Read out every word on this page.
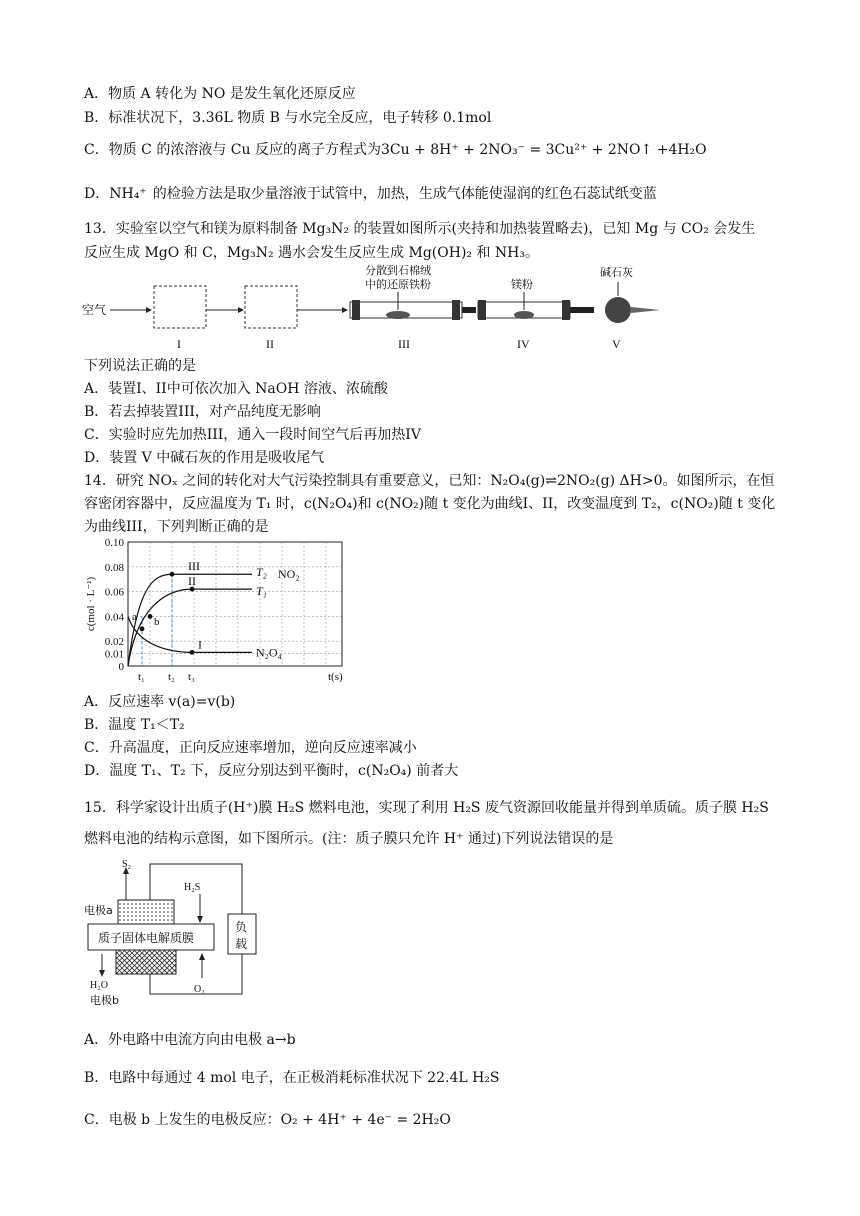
A．物质 A 转化为 NO 是发生氧化还原反应
B．标准状况下，3.36L 物质 B 与水完全反应，电子转移 0.1mol
C．物质 C 的浓溶液与 Cu 反应的离子方程式为3Cu + 8H⁺ + 2NO₃⁻ = 3Cu²⁺ + 2NO↑ +4H₂O
D．NH₄⁺ 的检验方法是取少量溶液于试管中，加热，生成气体能使湿润的红色石蕊试纸变蓝
13．实验室以空气和镁为原料制备 Mg₃N₂ 的装置如图所示(夹持和加热装置略去)，已知 Mg 与 CO₂ 会发生
反应生成 MgO 和 C，Mg₃N₂ 遇水会发生反应生成 Mg(OH)₂ 和 NH₃。
空气
分散到石棉绒
中的还原铁粉	镁粉
碱石灰
I	II	III	IV	V
下列说法正确的是
A．装置I、II中可依次加入 NaOH 溶液、浓硫酸
B．若去掉装置III，对产品纯度无影响
C．实验时应先加热III，通入一段时间空气后再加热IV
D．装置 V 中碱石灰的作用是吸收尾气
14．研究 NOₓ 之间的转化对大气污染控制具有重要意义，已知：N₂O₄(g)⇌2NO₂(g) ΔH>0。如图所示，在恒
容密闭容器中，反应温度为 T₁ 时，c(N₂O₄)和 c(NO₂)随 t 变化为曲线I、II，改变温度到 T₂，c(NO₂)随 t 变化
为曲线III，下列判断正确的是
0.10
0.08
0.06
0.04
0.02
0.01
0
c(mol · L⁻¹)
t₁ t₂ t₃	t(s)
III	T₂ NO₂
II
T₁
I
N₂O₄
a b
A．反应速率 v(a)=v(b)
B．温度 T₁＜T₂
C．升高温度，正向反应速率增加，逆向反应速率减小
D．温度 T₁、T₂ 下，反应分别达到平衡时，c(N₂O₄) 前者大
15．科学家设计出质子(H⁺)膜 H₂S 燃料电池，实现了利用 H₂S 废气资源回收能量并得到单质硫。质子膜 H₂S
燃料电池的结构示意图，如下图所示。(注：质子膜只允许 H⁺ 通过)下列说法错误的是
负
载
质子固体电解质膜
S₂
H₂S
电极a
H₂O
电极b
O₂
A．外电路中电流方向由电极 a→b
B．电路中每通过 4 mol 电子，在正极消耗标准状况下 22.4L H₂S
C．电极 b 上发生的电极反应：O₂ + 4H⁺ + 4e⁻ = 2H₂O
